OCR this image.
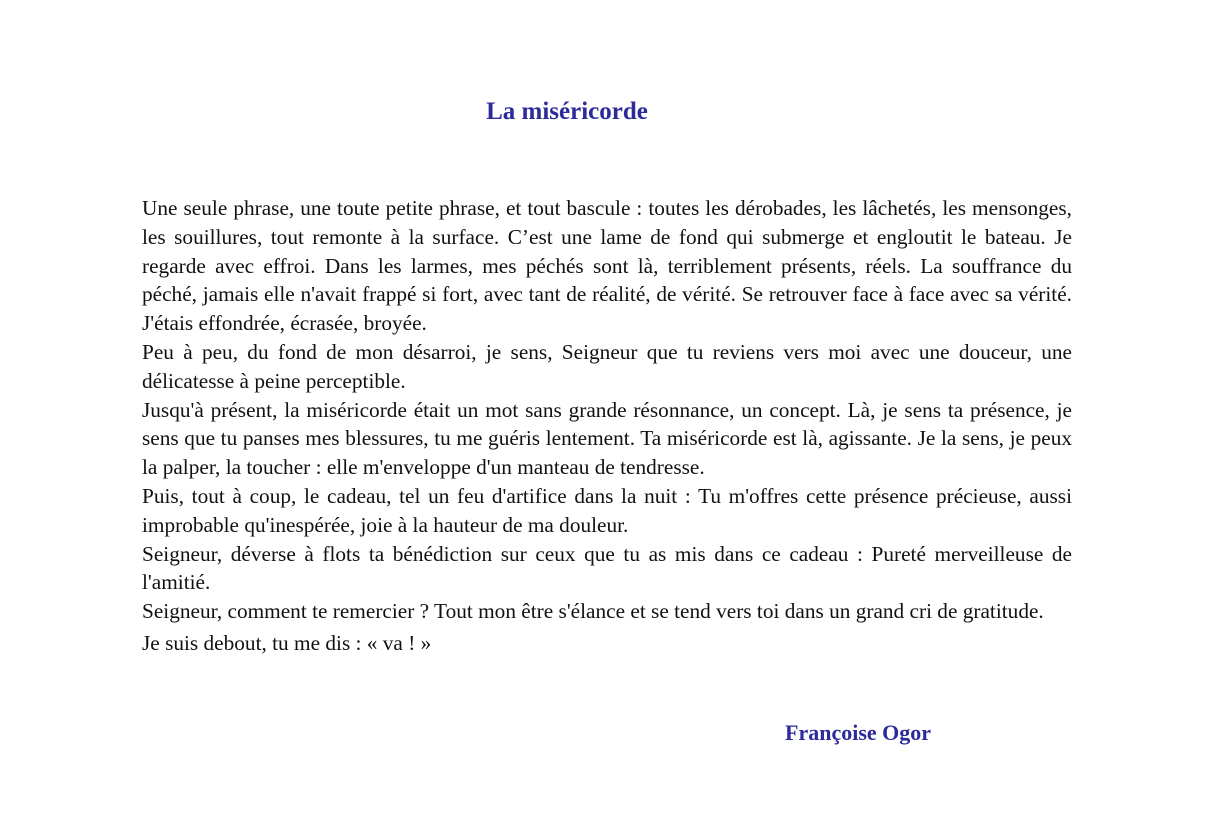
La miséricorde

Une seule phrase, une toute petite phrase, et tout bascule : toutes les dérobades, les lâchetés, les mensonges, les souillures, tout remonte à la surface. C’est une lame de fond qui submerge et engloutit le bateau. Je regarde avec effroi. Dans les larmes, mes péchés sont là, terriblement présents, réels. La souffrance du péché, jamais elle n'avait frappé si fort, avec tant de réalité, de vérité. Se retrouver face à face avec sa vérité. J'étais effondrée, écrasée, broyée.

Peu à peu, du fond de mon désarroi, je sens, Seigneur que tu reviens vers moi avec une douceur, une délicatesse à peine perceptible.

Jusqu'à présent, la miséricorde était un mot sans grande résonnance, un concept. Là, je sens ta présence, je sens que tu panses mes blessures, tu me guéris lentement. Ta miséricorde est là, agissante. Je la sens, je peux la palper, la toucher : elle m'enveloppe d'un manteau de tendresse.

Puis, tout à coup, le cadeau, tel un feu d'artifice dans la nuit : Tu m'offres cette présence précieuse, aussi improbable qu'inespérée, joie à la hauteur de ma douleur.

Seigneur, déverse à flots ta bénédiction sur ceux que tu as mis dans ce cadeau : Pureté merveilleuse de l'amitié.

Seigneur, comment te remercier ? Tout mon être s'élance et se tend vers toi dans un grand cri de gratitude.

Je suis debout, tu me dis : « va ! »

Françoise Ogor
